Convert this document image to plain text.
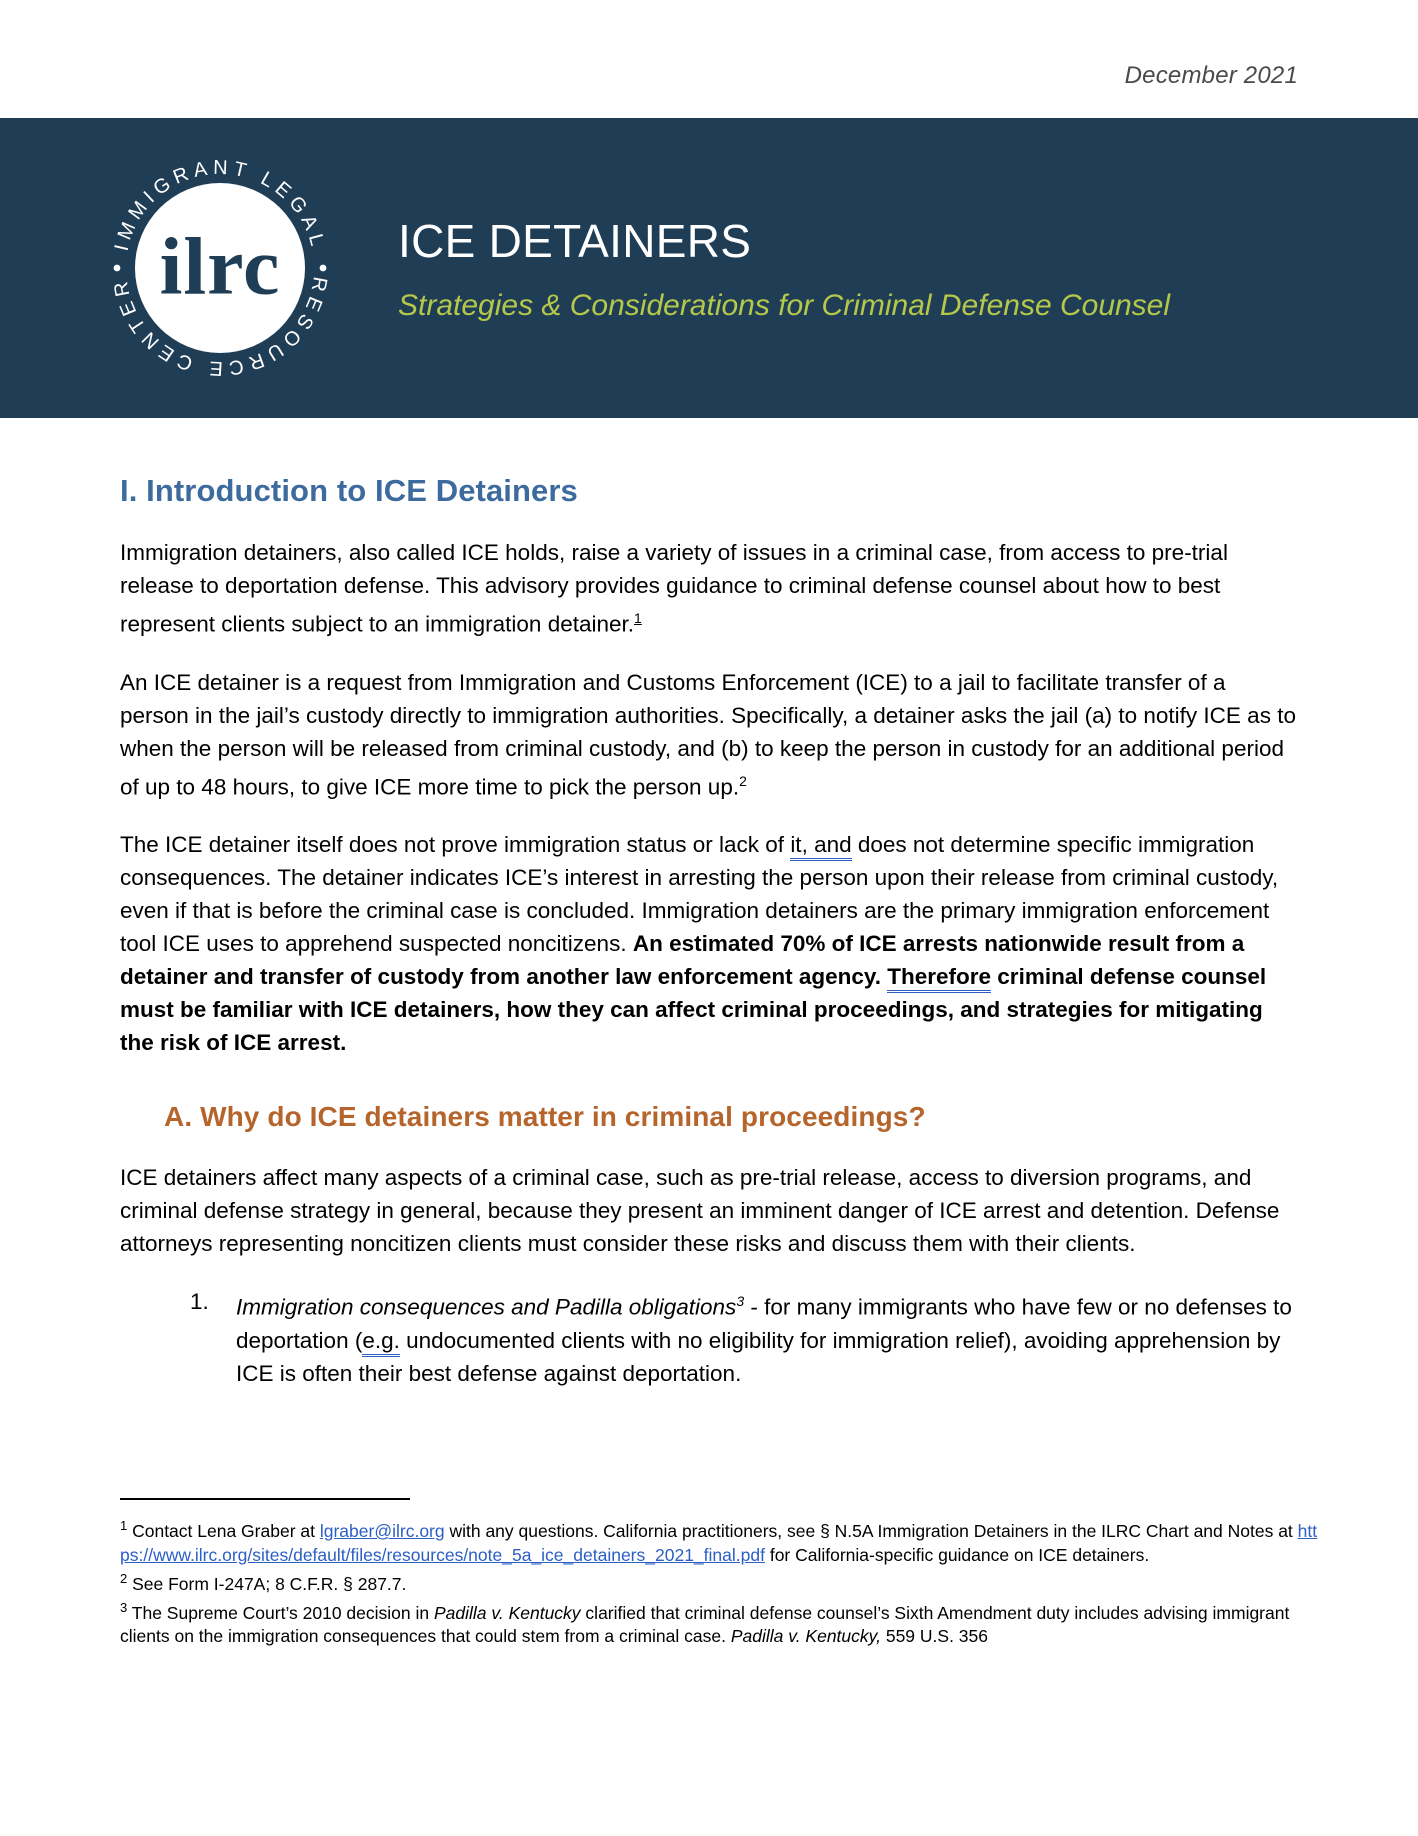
December 2021
IMMIGRANT LEGAL
RESOURCE CENTER ilrc	ICE DETAINERS
Strategies & Considerations for Criminal Defense Counsel
I. Introduction to ICE Detainers

Immigration detainers, also called ICE holds, raise a variety of issues in a criminal case, from access to pre-trial release to deportation defense. This advisory provides guidance to criminal defense counsel about how to best represent clients subject to an immigration detainer.$^1$

An ICE detainer is a request from Immigration and Customs Enforcement (ICE) to a jail to facilitate transfer of a person in the jail’s custody directly to immigration authorities. Specifically, a detainer asks the jail (a) to notify ICE as to when the person will be released from criminal custody, and (b) to keep the person in custody for an additional period of up to 48 hours, to give ICE more time to pick the person up.$^2$

The ICE detainer itself does not prove immigration status or lack of it, and does not determine specific immigration consequences. The detainer indicates ICE’s interest in arresting the person upon their release from criminal custody, even if that is before the criminal case is concluded. Immigration detainers are the primary immigration enforcement tool ICE uses to apprehend suspected noncitizens. An estimated 70% of ICE arrests nationwide result from a detainer and transfer of custody from another law enforcement agency. Therefore criminal defense counsel must be familiar with ICE detainers, how they can affect criminal proceedings, and strategies for mitigating the risk of ICE arrest.

A. Why do ICE detainers matter in criminal proceedings?

ICE detainers affect many aspects of a criminal case, such as pre-trial release, access to diversion programs, and criminal defense strategy in general, because they present an imminent danger of ICE arrest and detention. Defense attorneys representing noncitizen clients must consider these risks and discuss them with their clients.

Immigration consequences and Padilla obligations$^3$ - for many immigrants who have few or no defenses to deportation (e.g. undocumented clients with no eligibility for immigration relief), avoiding apprehension by ICE is often their best defense against deportation.

$^1$ Contact Lena Graber at lgraber@ilrc.org with any questions. California practitioners, see § N.5A Immigration Detainers in the ILRC Chart and Notes at https://www.ilrc.org/sites/default/files/resources/note_5a_ice_detainers_2021_final.pdf for California-specific guidance on ICE detainers.

$^2$ See Form I-247A; 8 C.F.R. § 287.7.

$^3$ The Supreme Court’s 2010 decision in Padilla v. Kentucky clarified that criminal defense counsel’s Sixth Amendment duty includes advising immigrant clients on the immigration consequences that could stem from a criminal case. Padilla v. Kentucky, 559 U.S. 356
